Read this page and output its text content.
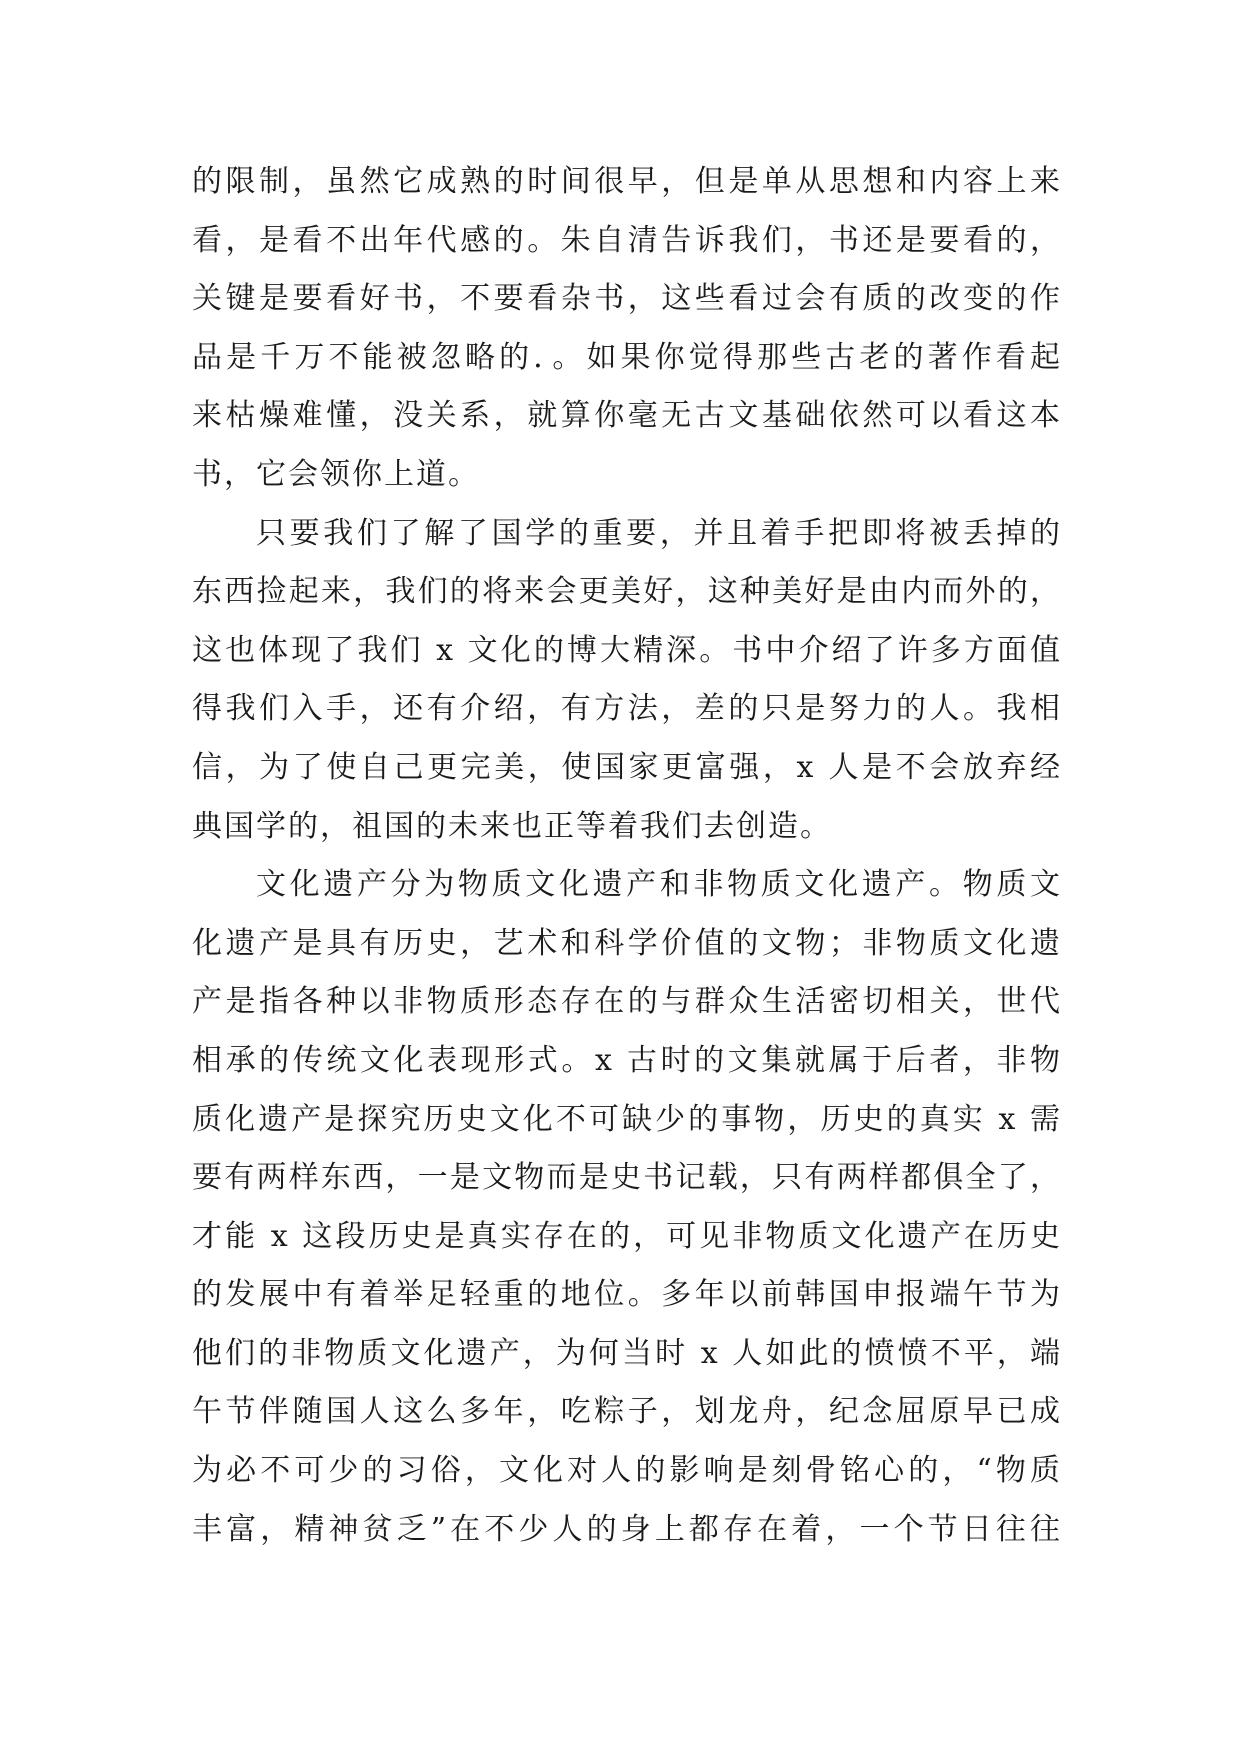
的限制，虽然它成熟的时间很早，但是单从思想和内容上来
看，是看不出年代感的。朱自清告诉我们，书还是要看的，
关键是要看好书，不要看杂书，这些看过会有质的改变的作
品是千万不能被忽略的．。如果你觉得那些古老的著作看起
来枯燥难懂，没关系，就算你毫无古文基础依然可以看这本
书，它会领你上道。
只要我们了解了国学的重要，并且着手把即将被丢掉的
东西捡起来，我们的将来会更美好，这种美好是由内而外的，
这也体现了我们 x 文化的博大精深。书中介绍了许多方面值
得我们入手，还有介绍，有方法，差的只是努力的人。我相
信，为了使自己更完美，使国家更富强，x 人是不会放弃经
典国学的，祖国的未来也正等着我们去创造。
文化遗产分为物质文化遗产和非物质文化遗产。物质文
化遗产是具有历史，艺术和科学价值的文物；非物质文化遗
产是指各种以非物质形态存在的与群众生活密切相关，世代
相承的传统文化表现形式。x 古时的文集就属于后者，非物
质化遗产是探究历史文化不可缺少的事物，历史的真实 x 需
要有两样东西，一是文物而是史书记载，只有两样都俱全了，
才能 x 这段历史是真实存在的，可见非物质文化遗产在历史
的发展中有着举足轻重的地位。多年以前韩国申报端午节为
他们的非物质文化遗产，为何当时 x 人如此的愤愤不平，端
午节伴随国人这么多年，吃粽子，划龙舟，纪念屈原早已成
为必不可少的习俗，文化对人的影响是刻骨铭心的，“物质
丰富，精神贫乏”在不少人的身上都存在着，一个节日往往
